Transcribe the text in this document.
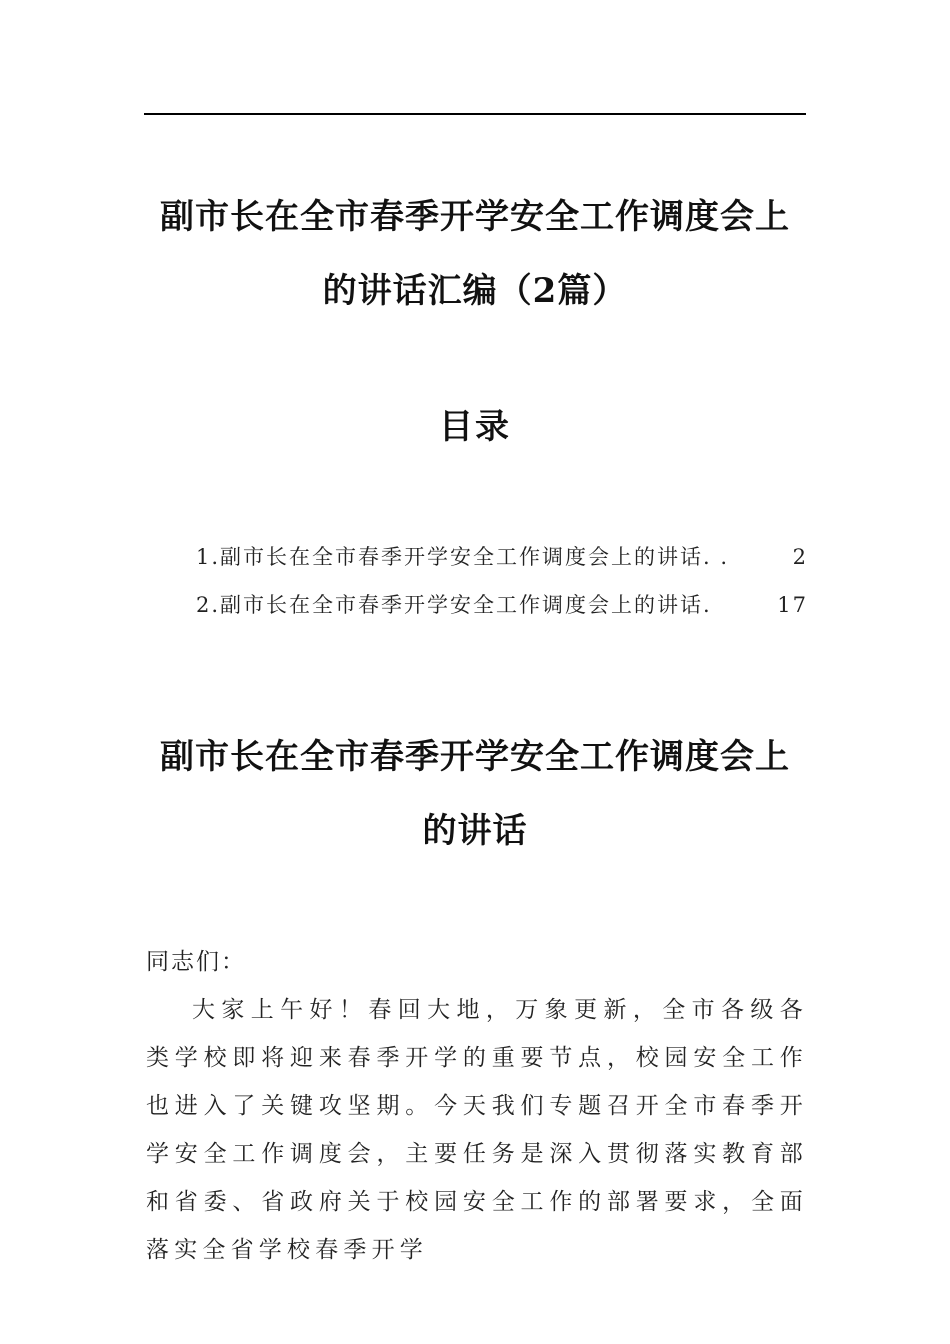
副市长在全市春季开学安全工作调度会上
的讲话汇编（2篇）
目录
1.副市长在全市春季开学安全工作调度会上的讲话. .	2
2.副市长在全市春季开学安全工作调度会上的讲话.	17
副市长在全市春季开学安全工作调度会上
的讲话

同志们：

大家上午好！春回大地，万象更新，全市各级各类学校即将迎来春季开学的重要节点，校园安全工作也进入了关键攻坚期。今天我们专题召开全市春季开学安全工作调度会，主要任务是深入贯彻落实教育部和省委、省政府关于校园安全工作的部署要求，全面落实全省学校春季开学
